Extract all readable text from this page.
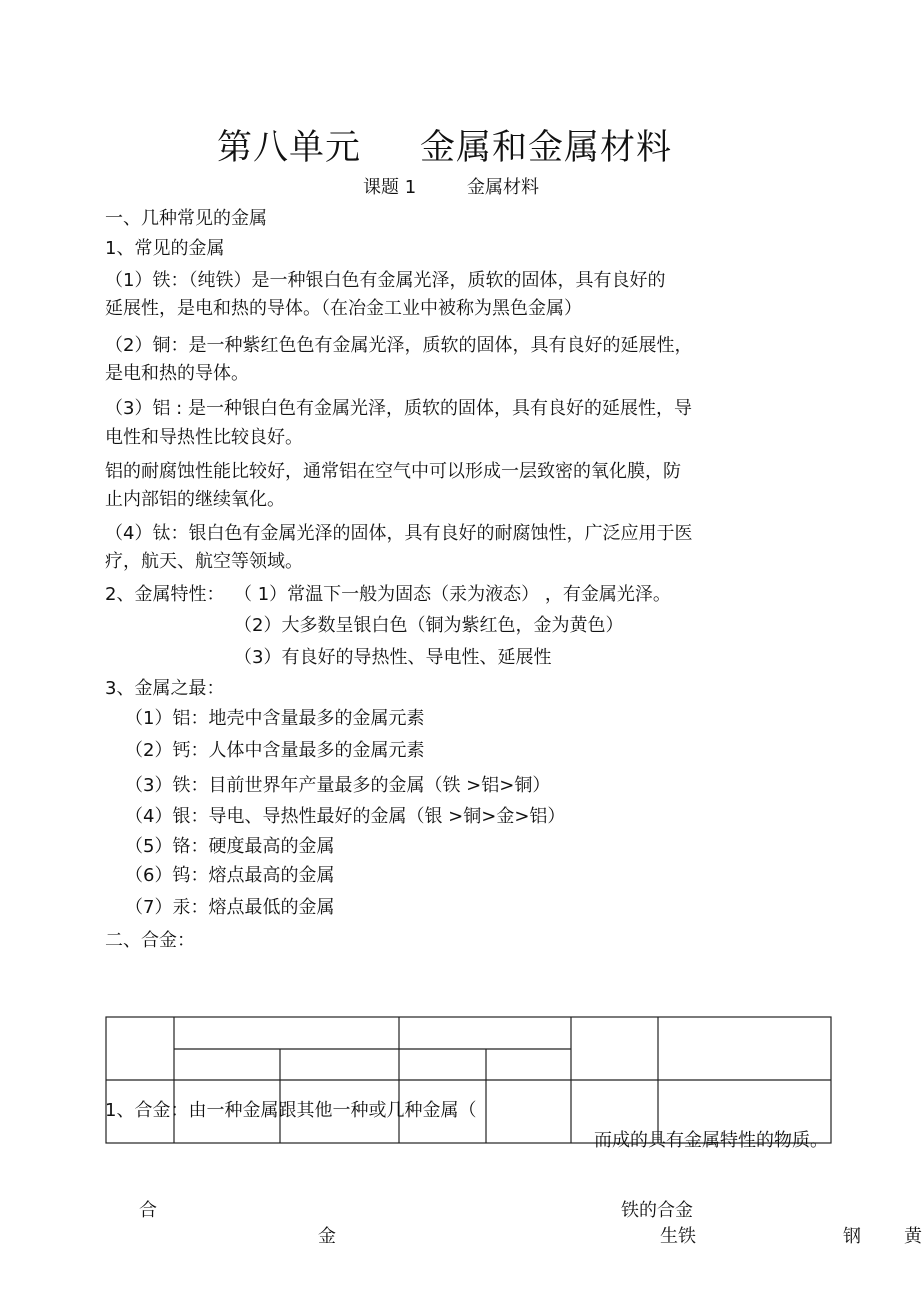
第八单元 金属和金属材料
课题 1	金属材料
一、几种常见的金属
1、常见的金属
（1）铁：（纯铁）是一种银白色有金属光泽，质软的固体，具有良好的
延展性，是电和热的导体。（在冶金工业中被称为黑色金属）
（2）铜：是一种紫红色色有金属光泽，质软的固体，具有良好的延展性，
是电和热的导体。
（3）铝 : 是一种银白色有金属光泽，质软的固体，具有良好的延展性，导
电性和导热性比较良好。
铝的耐腐蚀性能比较好，通常铝在空气中可以形成一层致密的氧化膜，防
止内部铝的继续氧化。
（4）钛：银白色有金属光泽的固体，具有良好的耐腐蚀性，广泛应用于医
疗，航天、航空等领域。
2、金属特性： （ 1）常温下一般为固态（汞为液态） ，有金属光泽。
（2）大多数呈银白色（铜为紫红色，金为黄色）
（3）有良好的导热性、导电性、延展性
3、金属之最：
（1）铝：地壳中含量最多的金属元素
（2）钙：人体中含量最多的金属元素
（3）铁：目前世界年产量最多的金属（铁 >铝>铜）
（4）银：导电、导热性最好的金属（银 >铜>金>铝）
（5）铬：硬度最高的金属
（6）钨：熔点最高的金属
（7）汞：熔点最低的金属
二、合金：
1、合金：由一种金属跟其他一种或几种金属（
而成的具有金属特性的物质。
合
金
铁的合金
生铁	钢 黄
